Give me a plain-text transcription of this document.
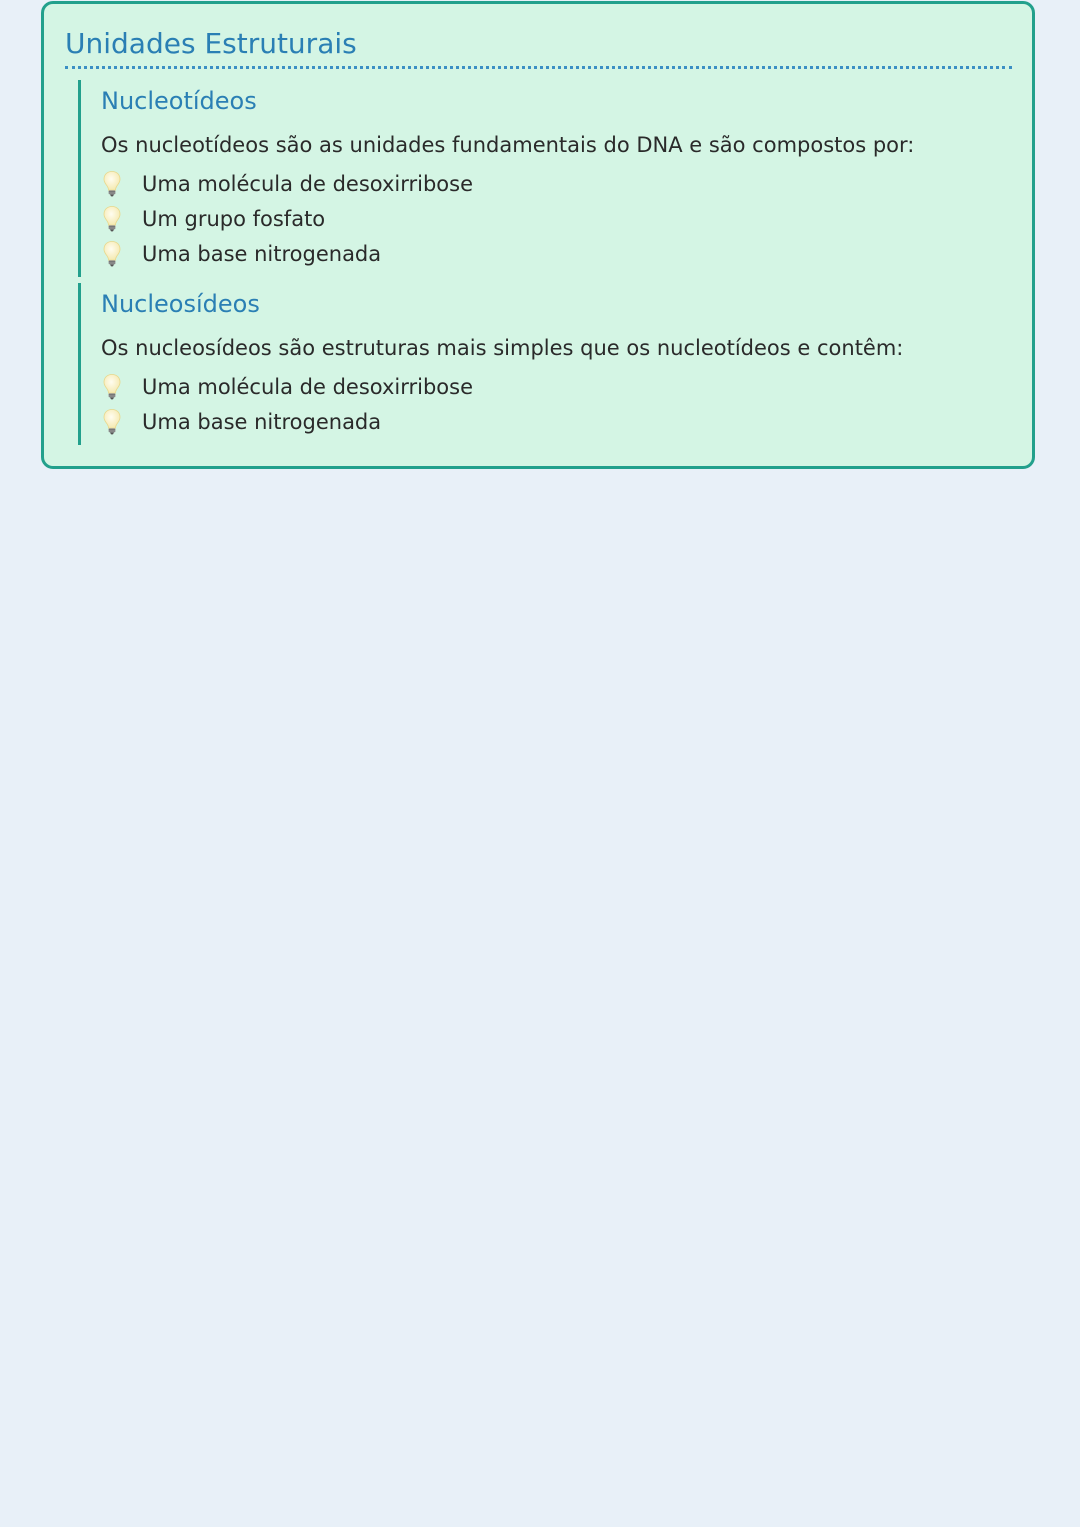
Unidades Estruturais
Nucleotídeos

Os nucleotídeos são as unidades fundamentais do DNA e são compostos por:

Uma molécula de desoxirribose
Um grupo fosfato
Uma base nitrogenada
Nucleosídeos

Os nucleosídeos são estruturas mais simples que os nucleotídeos e contêm:

Uma molécula de desoxirribose
Uma base nitrogenada
